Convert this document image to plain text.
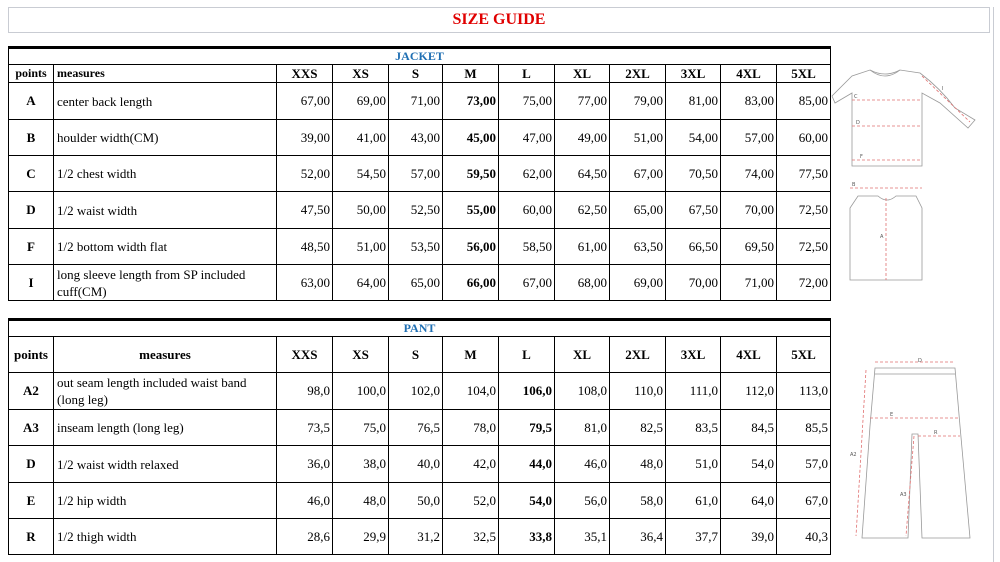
SIZE GUIDE
JACKET											
points	measures	XXS	XS	S	M	L	XL	2XL	3XL	4XL	5XL
A	center back length	67,00	69,00	71,00	73,00	75,00	77,00	79,00	81,00	83,00	85,00
B	houlder width(CM)	39,00	41,00	43,00	45,00	47,00	49,00	51,00	54,00	57,00	60,00
C	1/2 chest width	52,00	54,50	57,00	59,50	62,00	64,50	67,00	70,50	74,00	77,50
D	1/2 waist width	47,50	50,00	52,50	55,00	60,00	62,50	65,00	67,50	70,00	72,50
F	1/2 bottom width flat	48,50	51,00	53,50	56,00	58,50	61,00	63,50	66,50	69,50	72,50
I	long sleeve length from SP included cuff(CM)	63,00	64,00	65,00	66,00	67,00	68,00	69,00	70,00	71,00	72,00
PANT											
points	measures	XXS	XS	S	M	L	XL	2XL	3XL	4XL	5XL
A2	out seam length included waist band (long leg)	98,0	100,0	102,0	104,0	106,0	108,0	110,0	111,0	112,0	113,0
A3	inseam length (long leg)	73,5	75,0	76,5	78,0	79,5	81,0	82,5	83,5	84,5	85,5
D	1/2 waist width relaxed	36,0	38,0	40,0	42,0	44,0	46,0	48,0	51,0	54,0	57,0
E	1/2 hip width	46,0	48,0	50,0	52,0	54,0	56,0	58,0	61,0	64,0	67,0
R	1/2 thigh width	28,6	29,9	31,2	32,5	33,8	35,1	36,4	37,7	39,0	40,3
C
D
F
B
A
I
D
E
R
A2
A3
